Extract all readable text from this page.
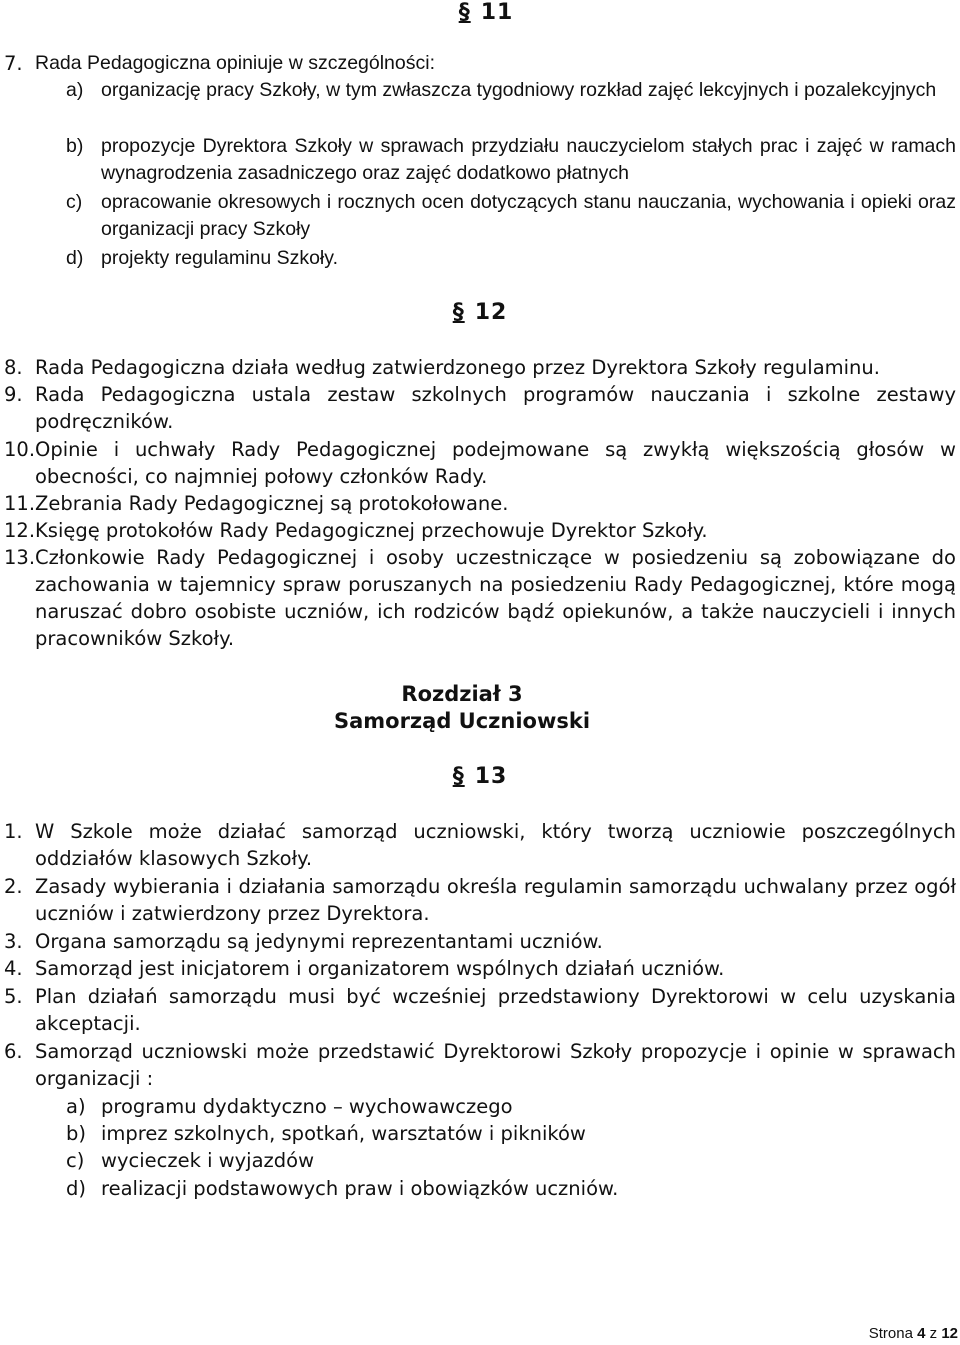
§ 11
7. Rada Pedagogiczna opiniuje w szczególności:
a) organizację pracy Szkoły, w tym zwłaszcza tygodniowy rozkład zajęć lekcyjnych i pozalekcyjnych
b) propozycje Dyrektora Szkoły w sprawach przydziału nauczycielom stałych prac i zajęć w ramach wynagrodzenia zasadniczego oraz zajęć dodatkowo płatnych
c) opracowanie okresowych i rocznych ocen dotyczących stanu nauczania, wychowania i opieki oraz organizacji pracy Szkoły
d) projekty regulaminu Szkoły.
§ 12
8. Rada Pedagogiczna działa według zatwierdzonego przez Dyrektora Szkoły regulaminu.
9. Rada Pedagogiczna ustala zestaw szkolnych programów nauczania i szkolne zestawy podręczników.
10. Opinie i uchwały Rady Pedagogicznej podejmowane są zwykłą większością głosów w obecności, co najmniej połowy członków Rady.
11. Zebrania Rady Pedagogicznej są protokołowane.
12. Księgę protokołów Rady Pedagogicznej przechowuje Dyrektor Szkoły.
13. Członkowie Rady Pedagogicznej i osoby uczestniczące w posiedzeniu są zobowiązane do zachowania w tajemnicy spraw poruszanych na posiedzeniu Rady Pedagogicznej, które mogą naruszać dobro osobiste uczniów, ich rodziców bądź opiekunów, a także nauczycieli i innych pracowników Szkoły.
Rozdział 3
Samorząd Uczniowski
§ 13
1. W Szkole może działać samorząd uczniowski, który tworzą uczniowie poszczególnych oddziałów klasowych Szkoły.
2. Zasady wybierania i działania samorządu określa regulamin samorządu uchwalany przez ogół uczniów i zatwierdzony przez Dyrektora.
3. Organa samorządu są jedynymi reprezentantami uczniów.
4. Samorząd jest inicjatorem i organizatorem wspólnych działań uczniów.
5. Plan działań samorządu musi być wcześniej przedstawiony Dyrektorowi w celu uzyskania akceptacji.
6. Samorząd uczniowski może przedstawić Dyrektorowi Szkoły propozycje i opinie w sprawach organizacji :
a) programu dydaktyczno – wychowawczego
b) imprez szkolnych, spotkań, warsztatów i pikników
c) wycieczek i wyjazdów
d) realizacji podstawowych praw i obowiązków uczniów.
Strona 4 z 12
